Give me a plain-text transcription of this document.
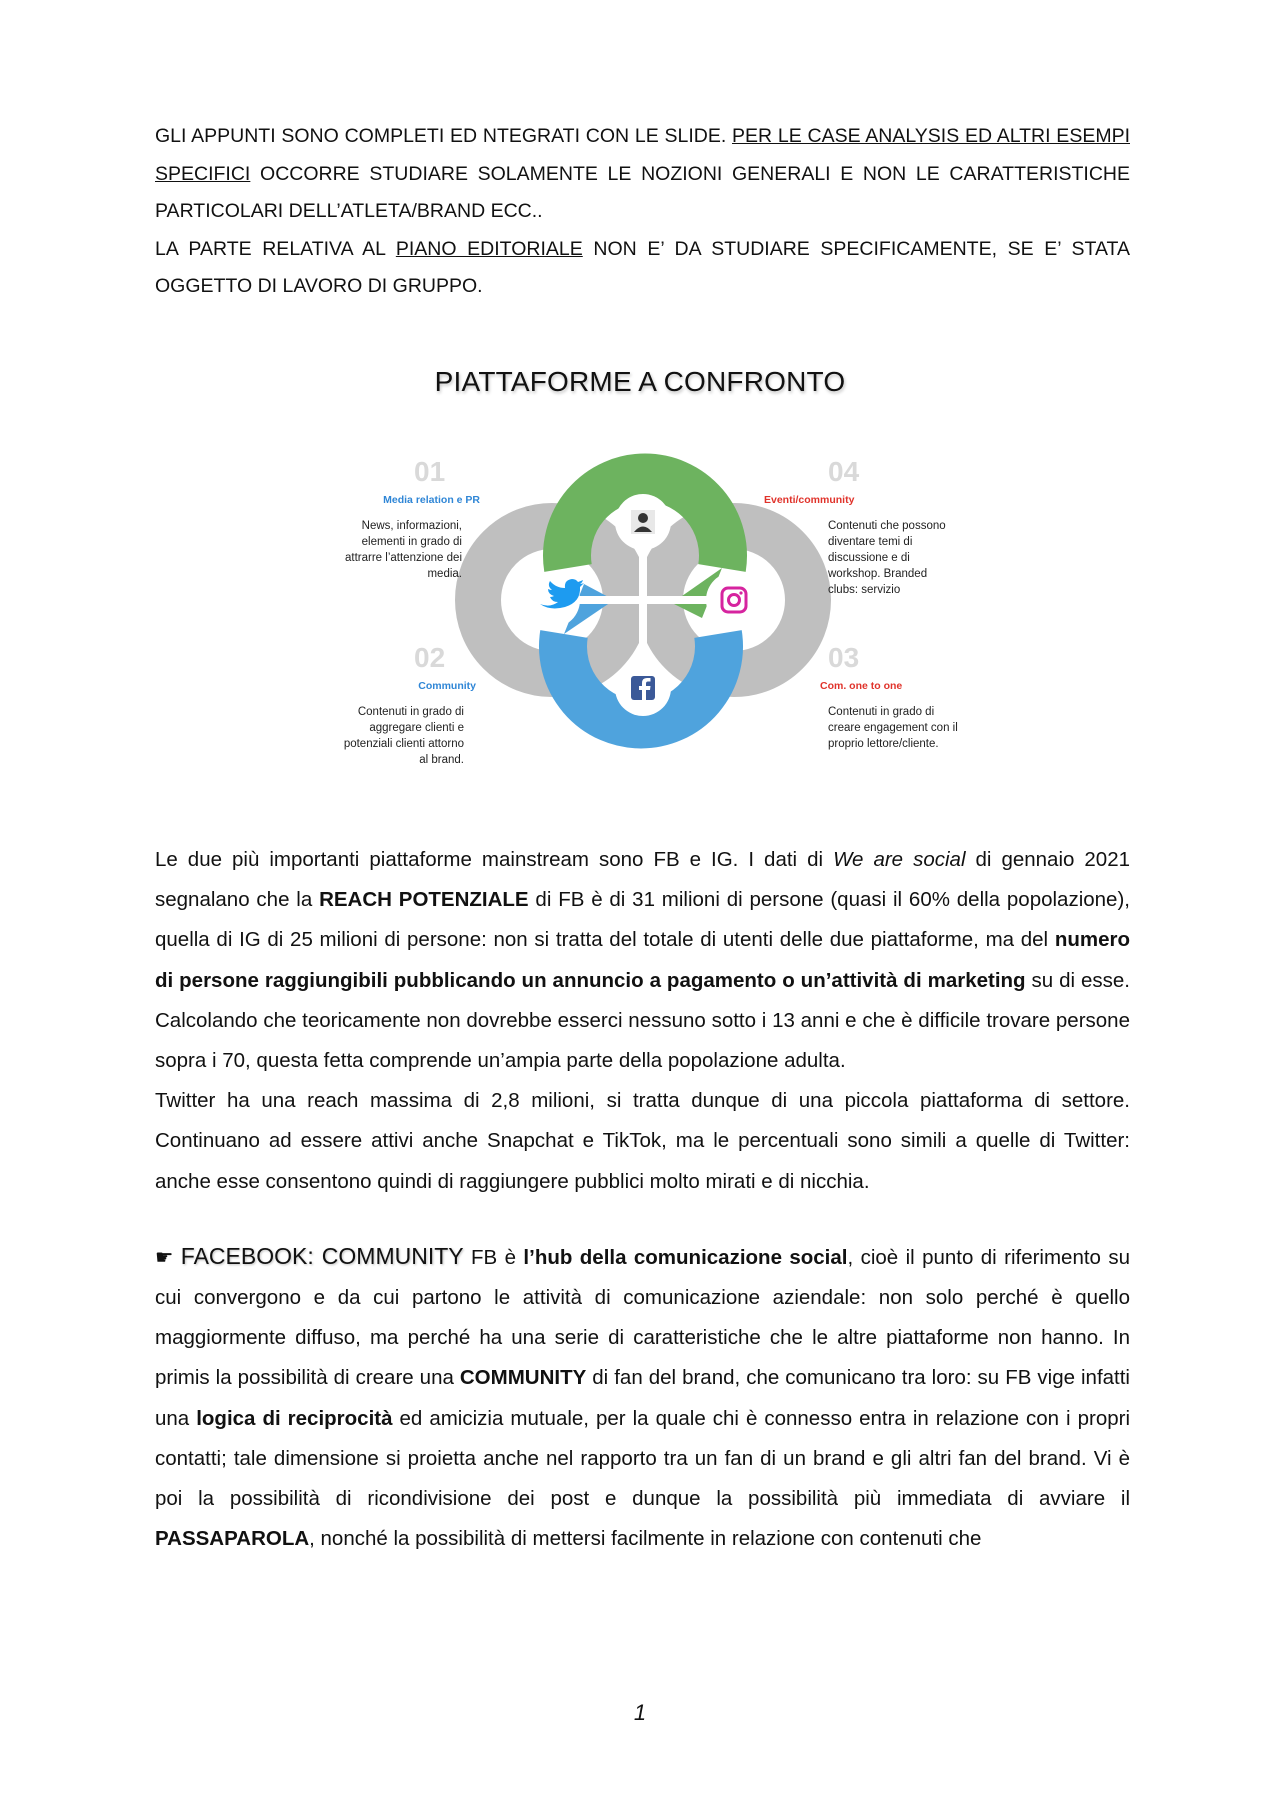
GLI APPUNTI SONO COMPLETI ED NTEGRATI CON LE SLIDE. PER LE CASE ANALYSIS ED ALTRI ESEMPI SPECIFICI OCCORRE STUDIARE SOLAMENTE LE NOZIONI GENERALI E NON LE CARATTERISTICHE PARTICOLARI DELL’ATLETA/BRAND ECC..

LA PARTE RELATIVA AL PIANO EDITORIALE NON E’ DA STUDIARE SPECIFICAMENTE, SE E’ STATA OGGETTO DI LAVORO DI GRUPPO.

PIATTAFORME A CONFRONTO
01
Media relation e PR
News, informazioni, elementi in grado di attrarre l’attenzione dei media.
02
Community
Contenuti in grado di aggregare clienti e potenziali clienti attorno al brand.
04
Eventi/community
Contenuti che possono diventare temi di discussione e di workshop. Branded clubs: servizio
03
Com. one to one
Contenuti in grado di creare engagement con il proprio lettore/cliente.

Le due più importanti piattaforme mainstream sono FB e IG. I dati di We are social di gennaio 2021 segnalano che la REACH POTENZIALE di FB è di 31 milioni di persone (quasi il 60% della popolazione), quella di IG di 25 milioni di persone: non si tratta del totale di utenti delle due piattaforme, ma del numero di persone raggiungibili pubblicando un annuncio a pagamento o un’attività di marketing su di esse. Calcolando che teoricamente non dovrebbe esserci nessuno sotto i 13 anni e che è difficile trovare persone sopra i 70, questa fetta comprende un’ampia parte della popolazione adulta.

Twitter ha una reach massima di 2,8 milioni, si tratta dunque di una piccola piattaforma di settore. Continuano ad essere attivi anche Snapchat e TikTok, ma le percentuali sono simili a quelle di Twitter: anche esse consentono quindi di raggiungere pubblici molto mirati e di nicchia.

☛ FACEBOOK: COMMUNITY FB è l’hub della comunicazione social, cioè il punto di riferimento su cui convergono e da cui partono le attività di comunicazione aziendale: non solo perché è quello maggiormente diffuso, ma perché ha una serie di caratteristiche che le altre piattaforme non hanno. In primis la possibilità di creare una COMMUNITY di fan del brand, che comunicano tra loro: su FB vige infatti una logica di reciprocità ed amicizia mutuale, per la quale chi è connesso entra in relazione con i propri contatti; tale dimensione si proietta anche nel rapporto tra un fan di un brand e gli altri fan del brand. Vi è poi la possibilità di ricondivisione dei post e dunque la possibilità più immediata di avviare il PASSAPAROLA, nonché la possibilità di mettersi facilmente in relazione con contenuti che

1
